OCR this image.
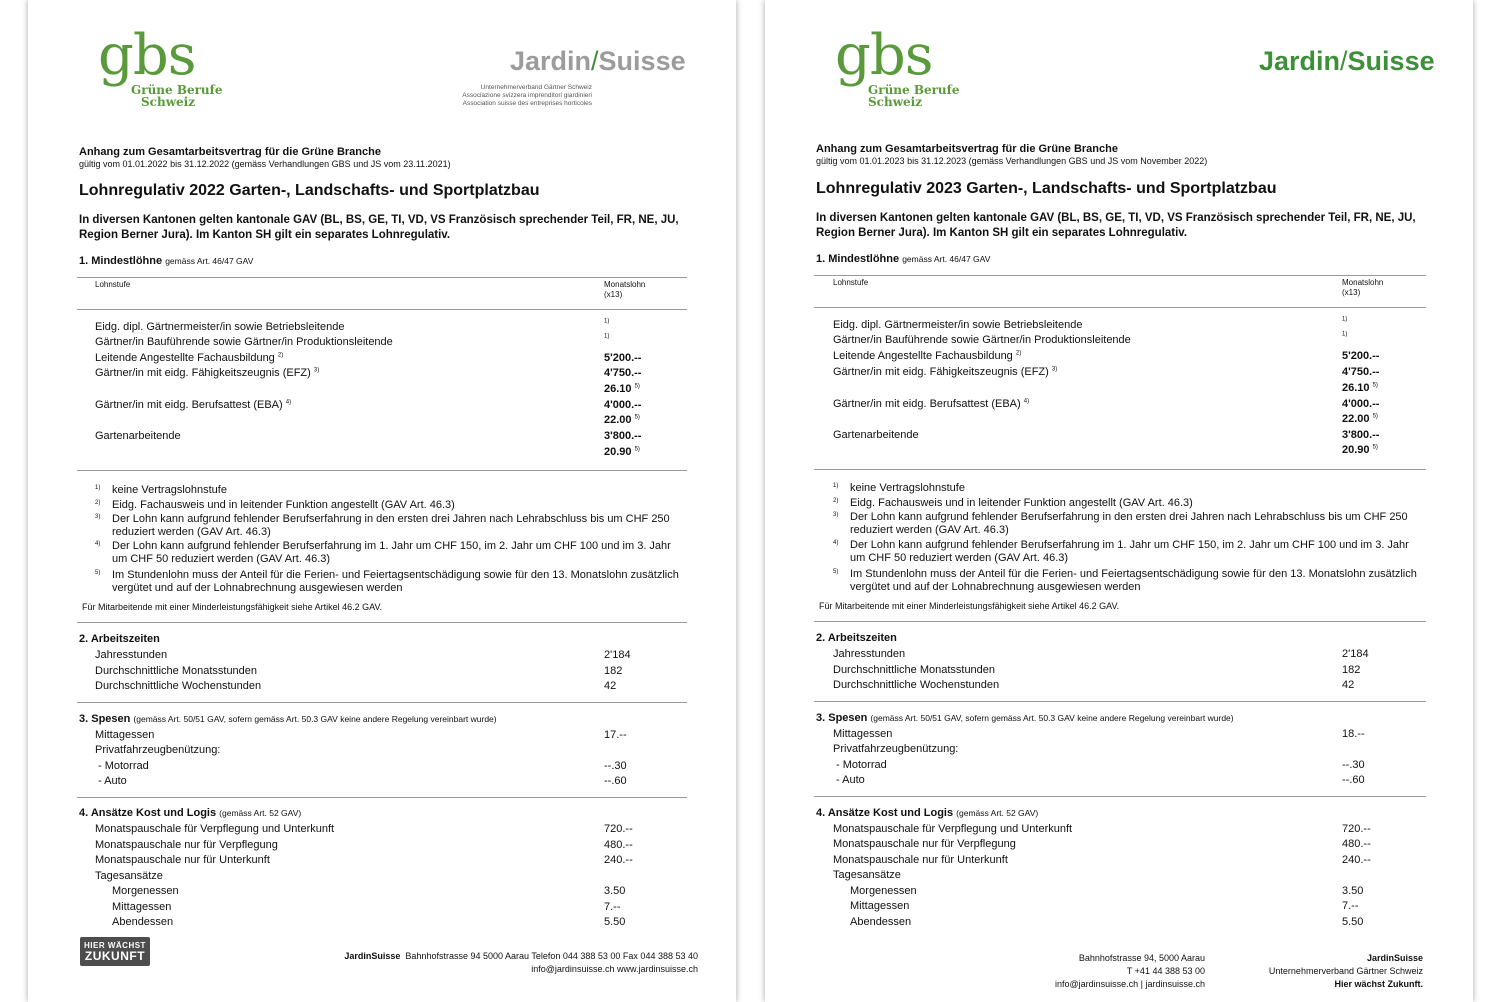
gbs
Grüne Berufe
Schweiz
Jardin/Suisse
Unternehmerverband Gärtner Schweiz
Associazione svizzera imprenditori giardinieri
Association suisse des entreprises horticoles
Anhang zum Gesamtarbeitsvertrag für die Grüne Branche
gültig vom 01.01.2022 bis 31.12.2022 (gemäss Verhandlungen GBS und JS vom 23.11.2021)
Lohnregulativ 2022 Garten-, Landschafts- und Sportplatzbau
In diversen Kantonen gelten kantonale GAV (BL, BS, GE, TI, VD, VS Französisch sprechender Teil, FR, NE, JU, Region Berner Jura). Im Kanton SH gilt ein separates Lohnregulativ.
1. Mindestlöhne gemäss Art. 46/47 GAV
Lohnstufe	Monatslohn
(x13)
Eidg. dipl. Gärtnermeister/in sowie Betriebsleitende	$^{1)}$
Gärtner/in Bauführende sowie Gärtner/in Produktionsleitende	$^{1)}$
Leitende Angestellte Fachausbildung $^{2)}$	5'200.--
Gärtner/in mit eidg. Fähigkeitszeugnis (EFZ) $^{3)}$	4'750.--
26.10 $^{5)}$
Gärtner/in mit eidg. Berufsattest (EBA) $^{4)}$	4'000.--
22.00 $^{5)}$
Gartenarbeitende	3'800.--
20.90 $^{5)}$
1) keine Vertragslohnstufe
2) Eidg. Fachausweis und in leitender Funktion angestellt (GAV Art. 46.3)
3) Der Lohn kann aufgrund fehlender Berufserfahrung in den ersten drei Jahren nach Lehrabschluss bis um CHF 250 reduziert werden (GAV Art. 46.3)
4) Der Lohn kann aufgrund fehlender Berufserfahrung im 1. Jahr um CHF 150, im 2. Jahr um CHF 100 und im 3. Jahr um CHF 50 reduziert werden (GAV Art. 46.3)
5) Im Stundenlohn muss der Anteil für die Ferien- und Feiertagsentschädigung sowie für den 13. Monatslohn zusätzlich vergütet und auf der Lohnabrechnung ausgewiesen werden
Für Mitarbeitende mit einer Minderleistungsfähigkeit siehe Artikel 46.2 GAV.
2. Arbeitszeiten
Jahresstunden	2'184
Durchschnittliche Monatsstunden	182
Durchschnittliche Wochenstunden	42
3. Spesen (gemäss Art. 50/51 GAV, sofern gemäss Art. 50.3 GAV keine andere Regelung vereinbart wurde)
Mittagessen	17.--
Privatfahrzeugbenützung:
- Motorrad	--.30
- Auto	--.60
4. Ansätze Kost und Logis (gemäss Art. 52 GAV)
Monatspauschale für Verpflegung und Unterkunft	720.--
Monatspauschale nur für Verpflegung	480.--
Monatspauschale nur für Unterkunft	240.--
Tagesansätze
Morgenessen	3.50
Mittagessen	7.--
Abendessen	5.50
HIER WÄCHST
ZUKUNFT	JardinSuisse Bahnhofstrasse 94 5000 Aarau Telefon 044 388 53 00 Fax 044 388 53 40
info@jardinsuisse.ch www.jardinsuisse.ch
gbs
Grüne Berufe
Schweiz
Jardin/Suisse
Anhang zum Gesamtarbeitsvertrag für die Grüne Branche
gültig vom 01.01.2023 bis 31.12.2023 (gemäss Verhandlungen GBS und JS vom November 2022)
Lohnregulativ 2023 Garten-, Landschafts- und Sportplatzbau
In diversen Kantonen gelten kantonale GAV (BL, BS, GE, TI, VD, VS Französisch sprechender Teil, FR, NE, JU, Region Berner Jura). Im Kanton SH gilt ein separates Lohnregulativ.
1. Mindestlöhne gemäss Art. 46/47 GAV
Lohnstufe	Monatslohn
(x13)
Eidg. dipl. Gärtnermeister/in sowie Betriebsleitende	$^{1)}$
Gärtner/in Bauführende sowie Gärtner/in Produktionsleitende	$^{1)}$
Leitende Angestellte Fachausbildung $^{2)}$	5'200.--
Gärtner/in mit eidg. Fähigkeitszeugnis (EFZ) $^{3)}$	4'750.--
26.10 $^{5)}$
Gärtner/in mit eidg. Berufsattest (EBA) $^{4)}$	4'000.--
22.00 $^{5)}$
Gartenarbeitende	3'800.--
20.90 $^{5)}$
1) keine Vertragslohnstufe
2) Eidg. Fachausweis und in leitender Funktion angestellt (GAV Art. 46.3)
3) Der Lohn kann aufgrund fehlender Berufserfahrung in den ersten drei Jahren nach Lehrabschluss bis um CHF 250 reduziert werden (GAV Art. 46.3)
4) Der Lohn kann aufgrund fehlender Berufserfahrung im 1. Jahr um CHF 150, im 2. Jahr um CHF 100 und im 3. Jahr um CHF 50 reduziert werden (GAV Art. 46.3)
5) Im Stundenlohn muss der Anteil für die Ferien- und Feiertagsentschädigung sowie für den 13. Monatslohn zusätzlich vergütet und auf der Lohnabrechnung ausgewiesen werden
Für Mitarbeitende mit einer Minderleistungsfähigkeit siehe Artikel 46.2 GAV.
2. Arbeitszeiten
Jahresstunden	2'184
Durchschnittliche Monatsstunden	182
Durchschnittliche Wochenstunden	42
3. Spesen (gemäss Art. 50/51 GAV, sofern gemäss Art. 50.3 GAV keine andere Regelung vereinbart wurde)
Mittagessen	18.--
Privatfahrzeugbenützung:
- Motorrad	--.30
- Auto	--.60
4. Ansätze Kost und Logis (gemäss Art. 52 GAV)
Monatspauschale für Verpflegung und Unterkunft	720.--
Monatspauschale nur für Verpflegung	480.--
Monatspauschale nur für Unterkunft	240.--
Tagesansätze
Morgenessen	3.50
Mittagessen	7.--
Abendessen	5.50
Bahnhofstrasse 94, 5000 Aarau
T +41 44 388 53 00
info@jardinsuisse.ch | jardinsuisse.ch
JardinSuisse
Unternehmerverband Gärtner Schweiz
Hier wächst Zukunft.
